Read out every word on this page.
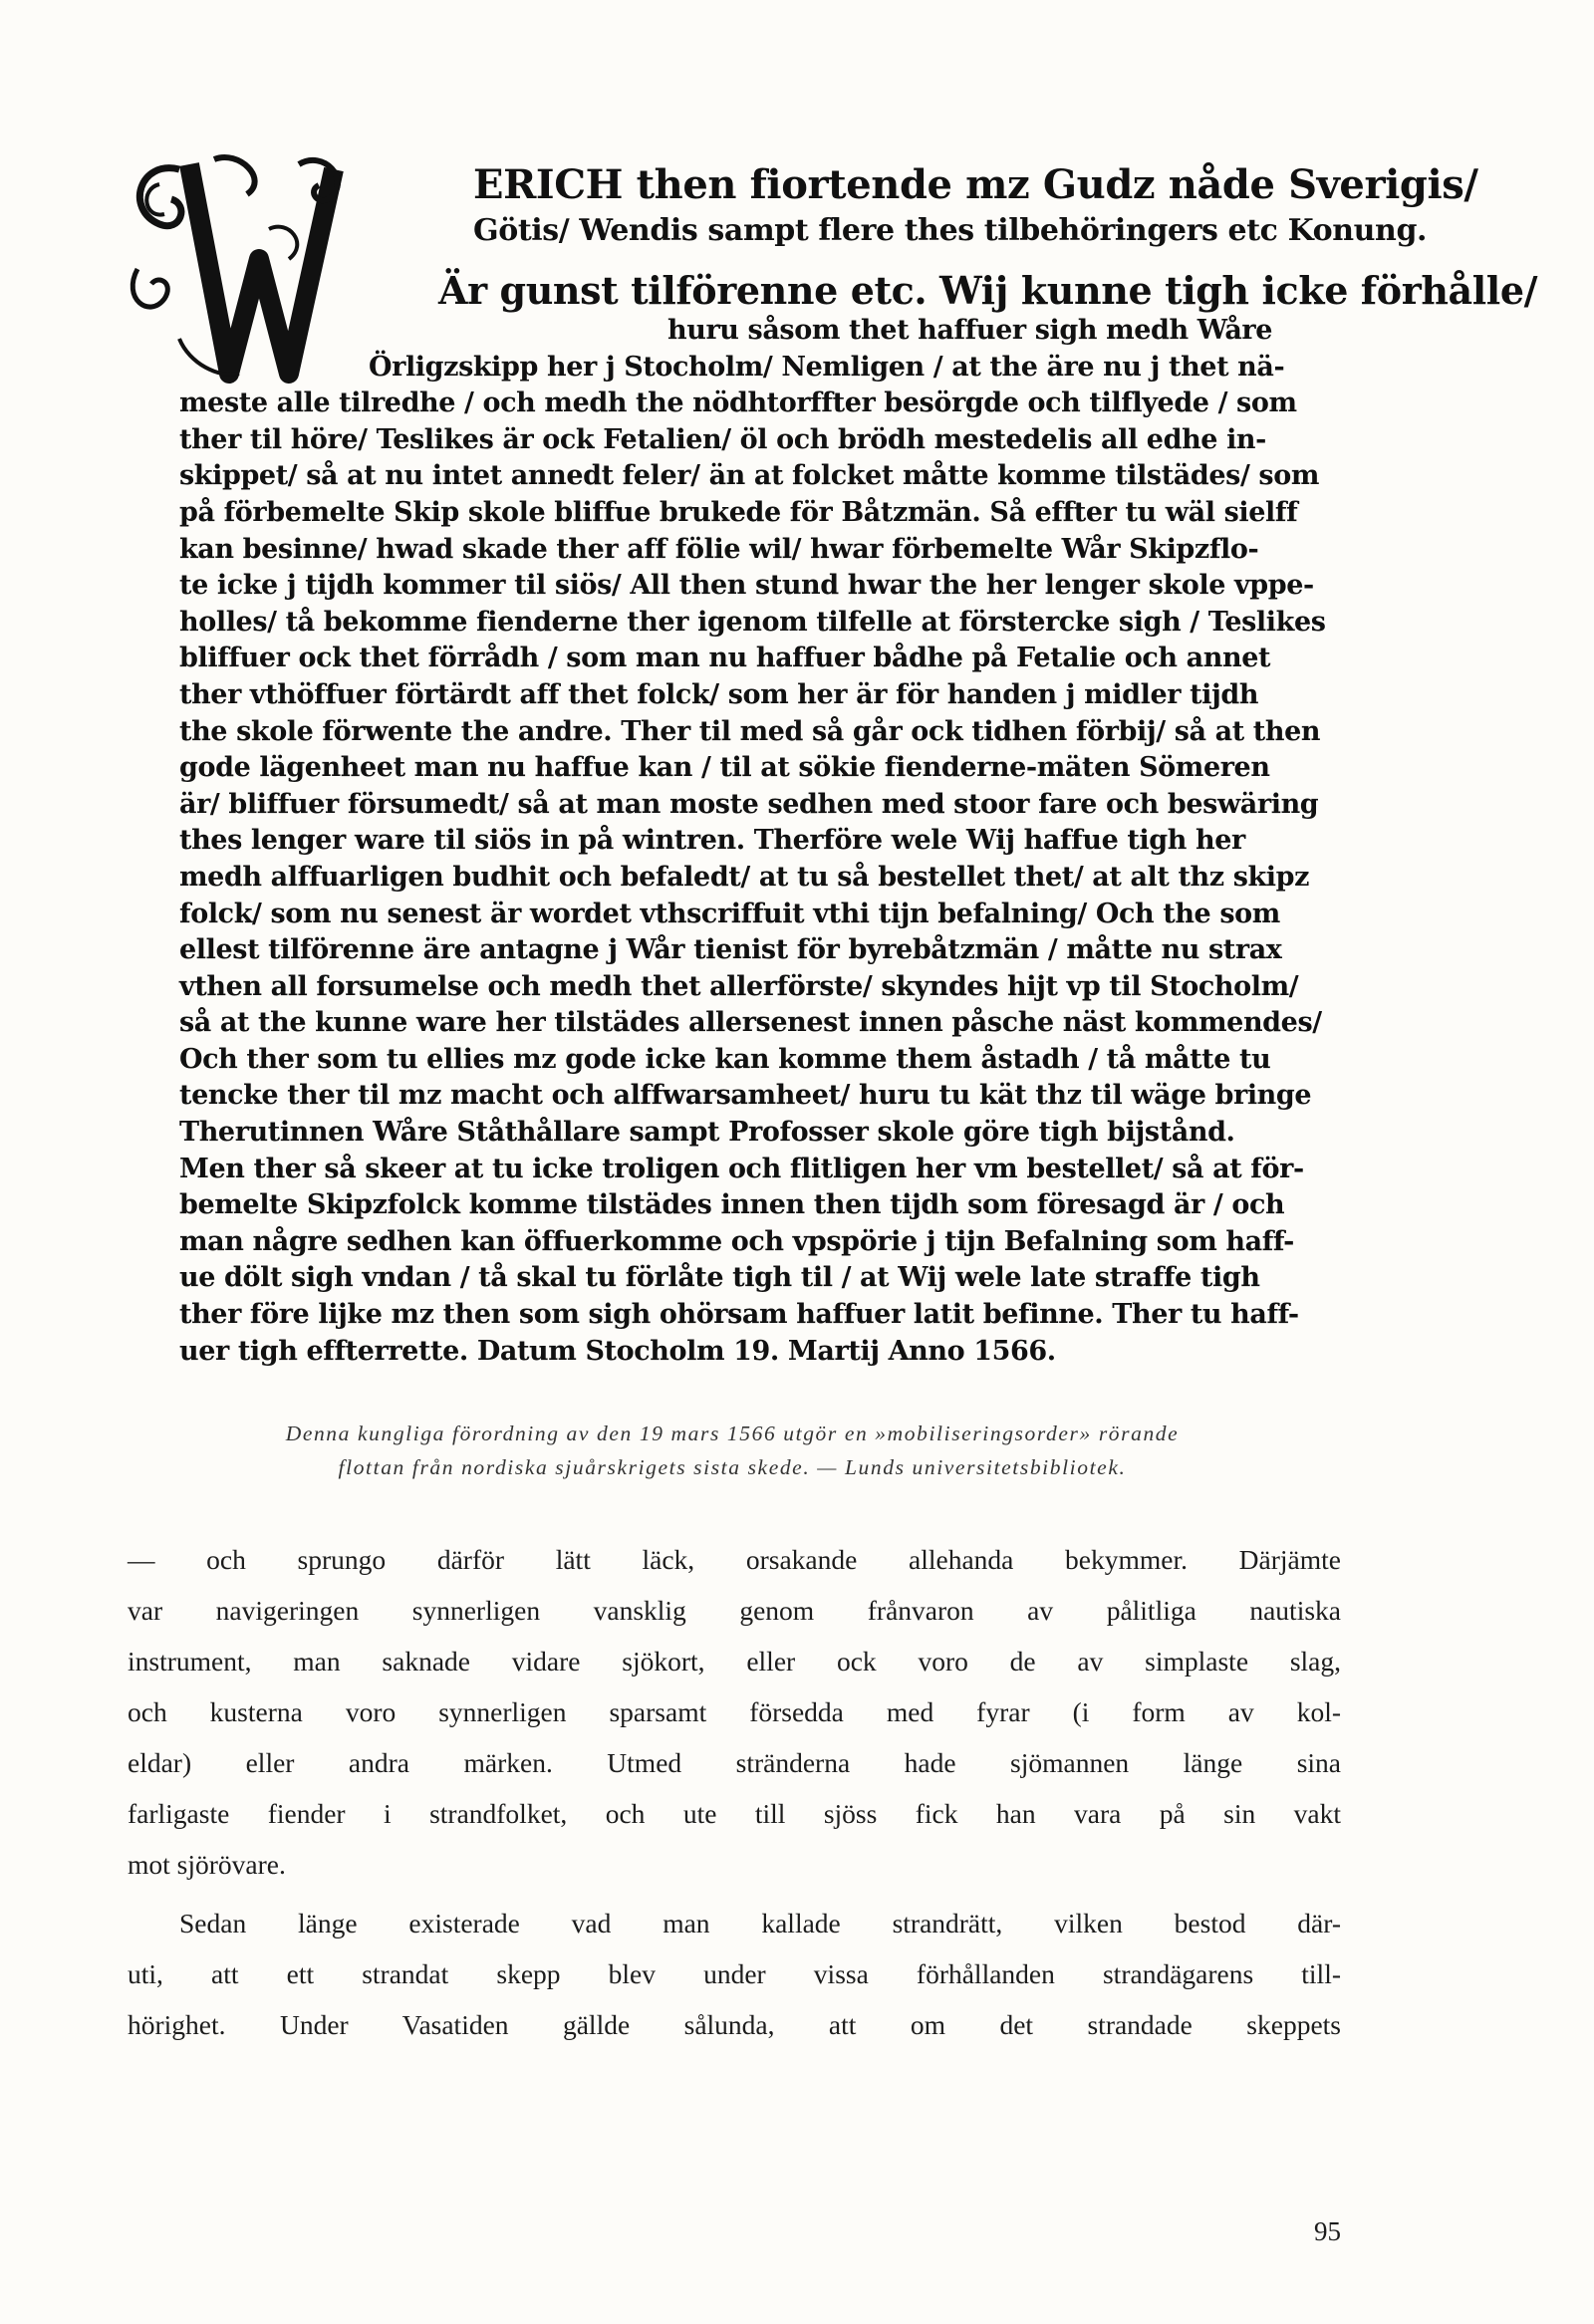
ERICH then fiortende mz Gudz nåde Sverigis/

Götis/ Wendis sampt flere thes tilbehöringers etc Konung.

Är gunst tilförenne etc. Wij kunne tigh icke förhålle/

huru såsom thet haffuer sigh medh Wåre

Örligzskipp her j Stocholm/ Nemligen / at the äre nu j thet nä-

meste alle tilredhe / och medh the nödhtorffter besörgde och tilflyede / som

ther til höre/ Teslikes är ock Fetalien/ öl och brödh mestedelis all edhe in-

skippet/ så at nu intet annedt feler/ än at folcket måtte komme tilstädes/ som

på förbemelte Skip skole bliffue brukede för Båtzmän. Så effter tu wäl sielff

kan besinne/ hwad skade ther aff fölie wil/ hwar förbemelte Wår Skipzflo-

te icke j tijdh kommer til siös/ All then stund hwar the her lenger skole vppe-

holles/ tå bekomme fienderne ther igenom tilfelle at förstercke sigh / Teslikes

bliffuer ock thet förrådh / som man nu haffuer bådhe på Fetalie och annet

ther vthöffuer förtärdt aff thet folck/ som her är för handen j midler tijdh

the skole förwente the andre. Ther til med så går ock tidhen förbij/ så at then

gode lägenheet man nu haffue kan / til at sökie fienderne-mäten Sömeren

är/ bliffuer försumedt/ så at man moste sedhen med stoor fare och beswäring

thes lenger ware til siös in på wintren. Therföre wele Wij haffue tigh her

medh alffuarligen budhit och befaledt/ at tu så bestellet thet/ at alt thz skipz

folck/ som nu senest är wordet vthscriffuit vthi tijn befalning/ Och the som

ellest tilförenne äre antagne j Wår tienist för byrebåtzmän / måtte nu strax

vthen all forsumelse och medh thet allerförste/ skyndes hijt vp til Stocholm/

så at the kunne ware her tilstädes allersenest innen påsche näst kommendes/

Och ther som tu ellies mz gode icke kan komme them åstadh / tå måtte tu

tencke ther til mz macht och alffwarsamheet/ huru tu kät thz til wäge bringe

Therutinnen Wåre Ståthållare sampt Profosser skole göre tigh bijstånd.

Men ther så skeer at tu icke troligen och flitligen her vm bestellet/ så at för-

bemelte Skipzfolck komme tilstädes innen then tijdh som föresagd är / och

man någre sedhen kan öffuerkomme och vpspörie j tijn Befalning som haff-

ue dölt sigh vndan / tå skal tu förlåte tigh til / at Wij wele late straffe tigh

ther före lijke mz then som sigh ohörsam haffuer latit befinne. Ther tu haff-

uer tigh effterrette. Datum Stocholm 19. Martij Anno 1566.

Denna kungliga förordning av den 19 mars 1566 utgör en »mobiliseringsorder» rörande

flottan från nordiska sjuårskrigets sista skede. — Lunds universitetsbibliotek.

— och sprungo därför lätt läck, orsakande allehanda bekymmer. Därjämte

var navigeringen synnerligen vansklig genom frånvaron av pålitliga nautiska

instrument, man saknade vidare sjökort, eller ock voro de av simplaste slag,

och kusterna voro synnerligen sparsamt försedda med fyrar (i form av kol-

eldar) eller andra märken. Utmed stränderna hade sjömannen länge sina

farligaste fiender i strandfolket, och ute till sjöss fick han vara på sin vakt

mot sjörövare.

Sedan länge existerade vad man kallade strandrätt, vilken bestod där-

uti, att ett strandat skepp blev under vissa förhållanden strandägarens till-

hörighet. Under Vasatiden gällde sålunda, att om det strandade skeppets

95
